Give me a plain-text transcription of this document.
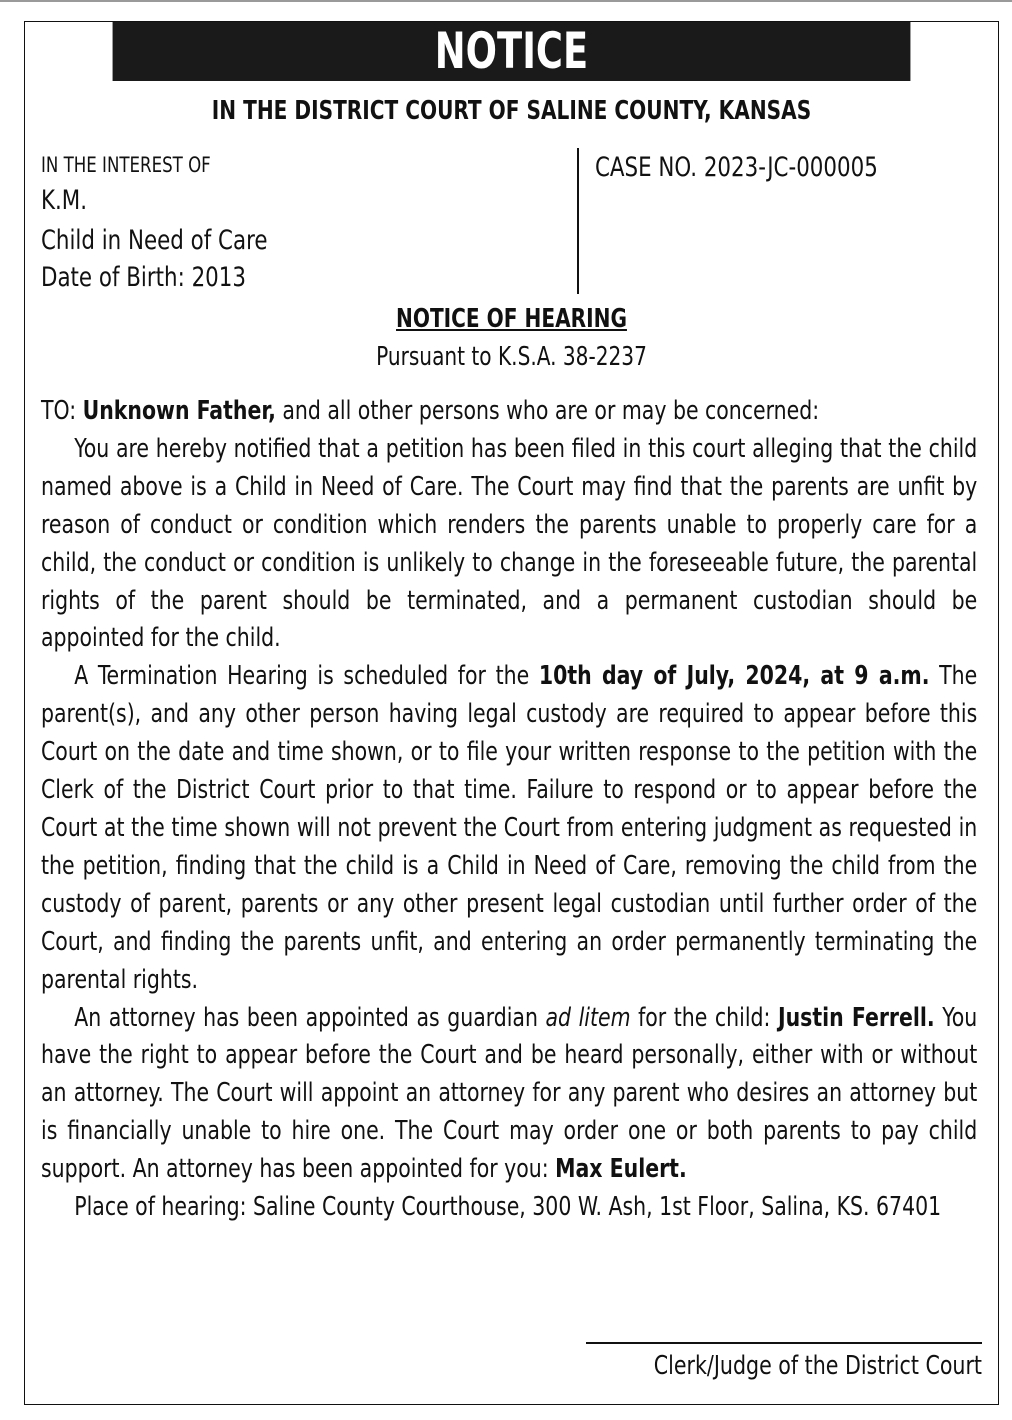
NOTICE
IN THE DISTRICT COURT OF SALINE COUNTY, KANSAS
IN THE INTEREST OF
K.M.
Child in Need of Care
Date of Birth: 2013
CASE NO. 2023-JC-000005
NOTICE OF HEARING
Pursuant to K.S.A. 38-2237

TO: Unknown Father, and all other persons who are or may be concerned:

You are hereby notified that a petition has been filed in this court alleging that the child named above is a Child in Need of Care. The Court may find that the parents are unfit by reason of conduct or condition which renders the parents unable to properly care for a child, the conduct or condition is unlikely to change in the foreseeable future, the parental rights of the parent should be terminated, and a permanent custodian should be appointed for the child.

A Termination Hearing is scheduled for the 10th day of July, 2024, at 9 a.m. The parent(s), and any other person having legal custody are required to appear before this Court on the date and time shown, or to file your written response to the petition with the Clerk of the District Court prior to that time. Failure to respond or to appear before the Court at the time shown will not prevent the Court from entering judgment as requested in the petition, finding that the child is a Child in Need of Care, removing the child from the custody of parent, parents or any other present legal custodian until further order of the Court, and finding the parents unfit, and entering an order permanently terminating the parental rights.

An attorney has been appointed as guardian ad litem for the child: Justin Ferrell. You have the right to appear before the Court and be heard personally, either with or without an attorney. The Court will appoint an attorney for any parent who desires an attorney but is financially unable to hire one. The Court may order one or both parents to pay child support. An attorney has been appointed for you: Max Eulert.

Place of hearing: Saline County Courthouse, 300 W. Ash, 1st Floor, Salina, KS. 67401

Clerk/Judge of the District Court
